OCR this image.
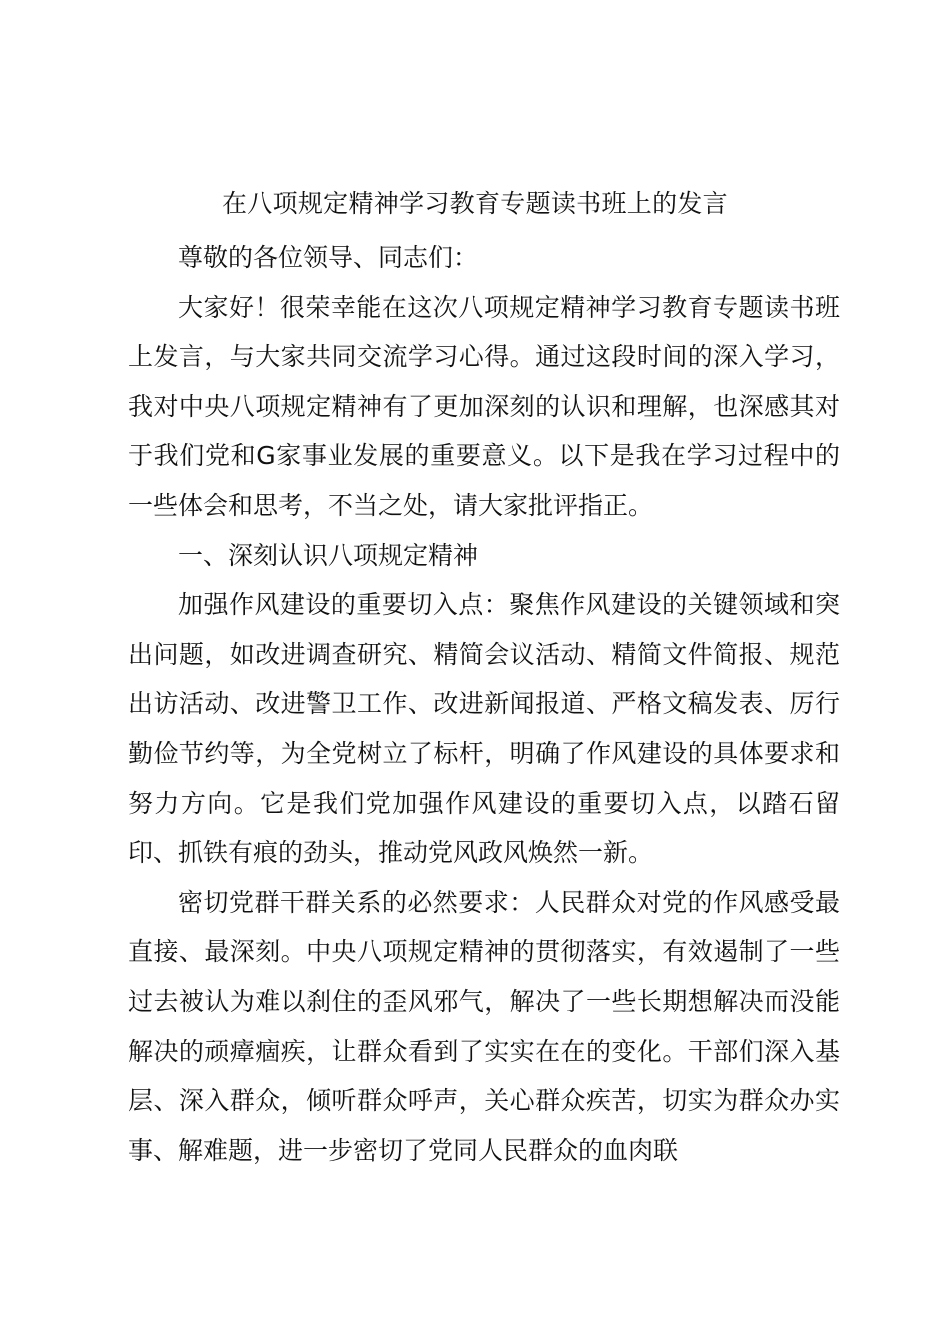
在八项规定精神学习教育专题读书班上的发言

尊敬的各位领导、同志们：

大家好！很荣幸能在这次八项规定精神学习教育专题读书班上发言，与大家共同交流学习心得。通过这段时间的深入学习，我对中央八项规定精神有了更加深刻的认识和理解，也深感其对于我们党和G家事业发展的重要意义。以下是我在学习过程中的一些体会和思考，不当之处，请大家批评指正。

一、深刻认识八项规定精神

加强作风建设的重要切入点：聚焦作风建设的关键领域和突出问题，如改进调查研究、精简会议活动、精简文件简报、规范出访活动、改进警卫工作、改进新闻报道、严格文稿发表、厉行勤俭节约等，为全党树立了标杆，明确了作风建设的具体要求和努力方向。它是我们党加强作风建设的重要切入点，以踏石留印、抓铁有痕的劲头，推动党风政风焕然一新。

密切党群干群关系的必然要求：人民群众对党的作风感受最直接、最深刻。中央八项规定精神的贯彻落实，有效遏制了一些过去被认为难以刹住的歪风邪气，解决了一些长期想解决而没能解决的顽瘴痼疾，让群众看到了实实在在的变化。干部们深入基层、深入群众，倾听群众呼声，关心群众疾苦，切实为群众办实事、解难题，进一步密切了党同人民群众的血肉联
